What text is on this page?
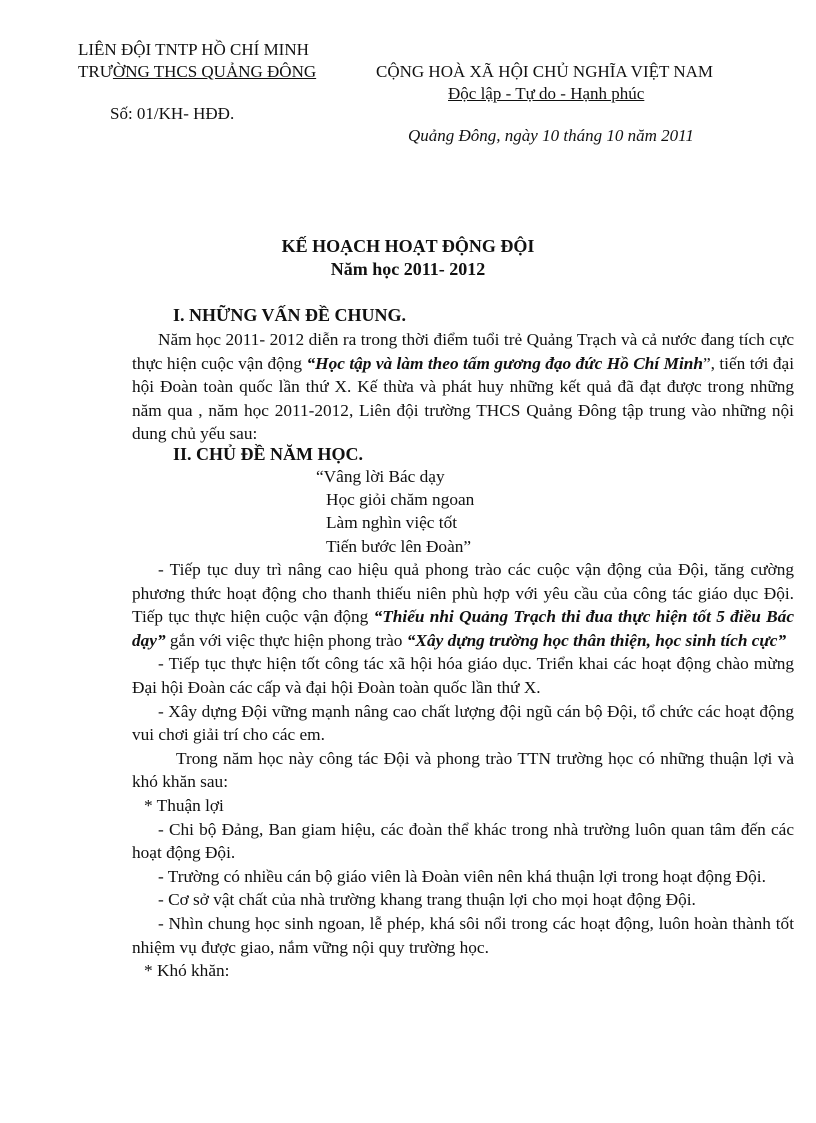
LIÊN ĐỘI TNTP HỒ CHÍ MINH
TRƯỜNG THCS QUẢNG ĐÔNG	CỘNG HOÀ XÃ HỘI CHỦ NGHĨA VIỆT NAM
Độc lập - Tự do - Hạnh phúc
Số: 01/KH- HĐĐ.
Quảng Đông, ngày 10 tháng 10 năm 2011
KẾ HOẠCH HOẠT ĐỘNG ĐỘI
Năm học 2011- 2012
I. NHỮNG VẤN ĐỀ CHUNG.

Năm học 2011- 2012 diễn ra trong thời điểm tuổi trẻ Quảng Trạch và cả nước đang tích cực thực hiện cuộc vận động “Học tập và làm theo tấm gương đạo đức Hồ Chí Minh”, tiến tới đại hội Đoàn toàn quốc lần thứ X. Kế thừa và phát huy những kết quả đã đạt được trong những năm qua , năm học 2011-2012, Liên đội trường THCS Quảng Đông tập trung vào những nội dung chủ yếu sau:

II. CHỦ ĐỀ NĂM HỌC.
“Vâng lời Bác dạy
Học giỏi chăm ngoan
Làm nghìn việc tốt
Tiến bước lên Đoàn”

- Tiếp tục duy trì nâng cao hiệu quả phong trào các cuộc vận động của Đội, tăng cường phương thức hoạt động cho thanh thiếu niên phù hợp với yêu cầu của công tác giáo dục Đội. Tiếp tục thực hiện cuộc vận động “Thiếu nhi Quảng Trạch thi đua thực hiện tốt 5 điều Bác dạy” gắn với việc thực hiện phong trào “Xây dựng trường học thân thiện, học sinh tích cực”

- Tiếp tục thực hiện tốt công tác xã hội hóa giáo dục. Triển khai các hoạt động chào mừng Đại hội Đoàn các cấp và đại hội Đoàn toàn quốc lần thứ X.

- Xây dựng Đội vững mạnh nâng cao chất lượng đội ngũ cán bộ Đội, tổ chức các hoạt động vui chơi giải trí cho các em.

Trong năm học này công tác Đội và phong trào TTN trường học có những thuận lợi và khó khăn sau:

* Thuận lợi

- Chi bộ Đảng, Ban giam hiệu, các đoàn thể khác trong nhà trường luôn quan tâm đến các hoạt động Đội.

- Trường có nhiều cán bộ giáo viên là Đoàn viên nên khá thuận lợi trong hoạt động Đội.

- Cơ sở vật chất của nhà trường khang trang thuận lợi cho mọi hoạt động Đội.

- Nhìn chung học sinh ngoan, lễ phép, khá sôi nổi trong các hoạt động, luôn hoàn thành tốt nhiệm vụ được giao, nắm vững nội quy trường học.

* Khó khăn:
